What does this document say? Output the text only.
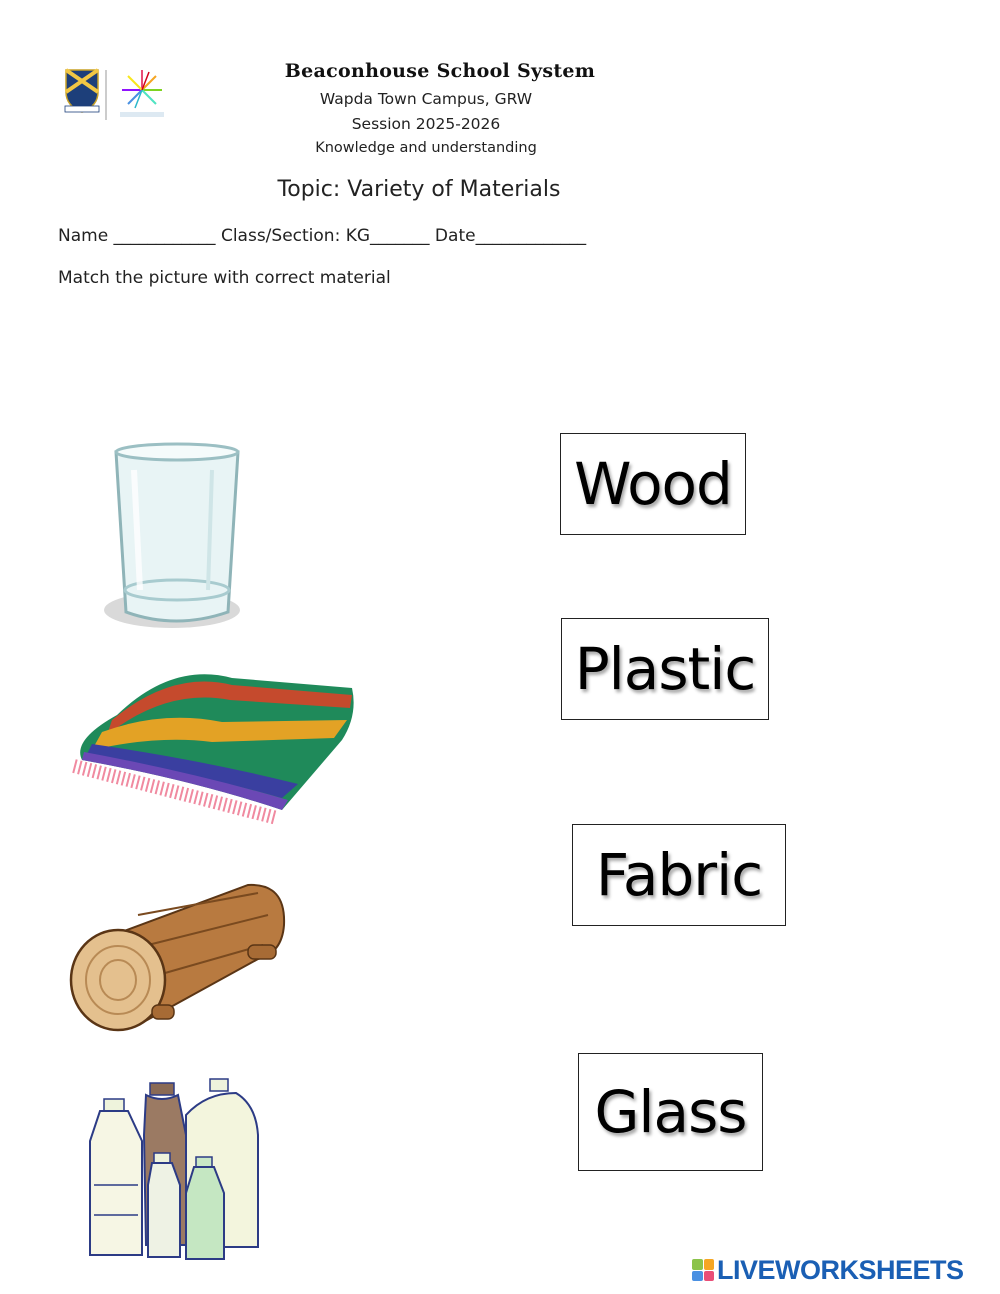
Beaconhouse School System
Wapda Town Campus, GRW
Session 2025-2026
Knowledge and understanding
Topic: Variety of Materials
Name ____________ Class/Section: KG_______ Date_____________
Match the picture with correct material
Wood
Plastic
Fabric
Glass
LIVEWORKSHEETS
